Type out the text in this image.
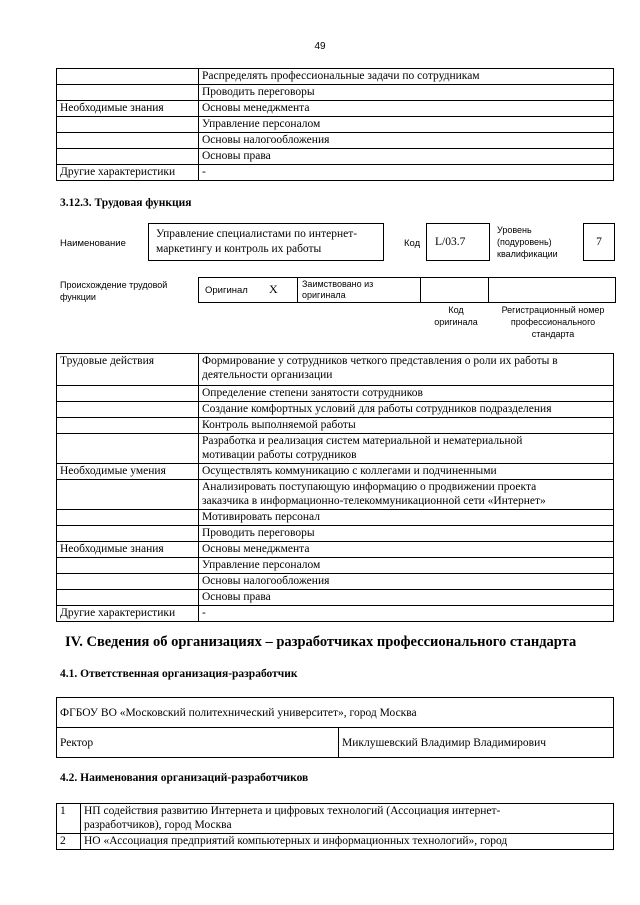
49
	Распределять профессиональные задачи по сотрудникам
	Проводить переговоры
Необходимые знания	Основы менеджмента
	Управление персоналом
	Основы налогообложения
	Основы права
Другие характеристики	-
3.12.3. Трудовая функция
Наименование
Управление специалистами по интернет-
маркетингу и контроль их работы	Код L/03.7
Уровень
(подуровень)
квалификации
7
Происхождение трудовой
функции
Оригинал X	Заимствовано из
оригинала
Код
оригинала
Регистрационный номер
профессионального
стандарта
Трудовые действия	Формирование у сотрудников четкого представления о роли их работы в
деятельности организации

	Определение степени занятости сотрудников

	Создание комфортных условий для работы сотрудников подразделения

	Контроль выполняемой работы

	Разработка и реализация систем материальной и нематериальной
мотивации работы сотрудников

Необходимые умения	Осуществлять коммуникацию с коллегами и подчиненными

	Анализировать поступающую информацию о продвижении проекта
заказчика в информационно-телекоммуникационной сети «Интернет»

	Мотивировать персонал

	Проводить переговоры

Необходимые знания	Основы менеджмента

	Управление персоналом

	Основы налогообложения

	Основы права

Другие характеристики	-
IV. Сведения об организациях – разработчиках профессионального стандарта
4.1. Ответственная организация-разработчик
ФГБОУ ВО «Московский политехнический университет», город Москва
Ректор	Миклушевский Владимир Владимирович
4.2. Наименования организаций-разработчиков
1	НП содействия развитию Интернета и цифровых технологий (Ассоциация интернет-
разработчиков), город Москва

2	НО «Ассоциация предприятий компьютерных и информационных технологий», город
